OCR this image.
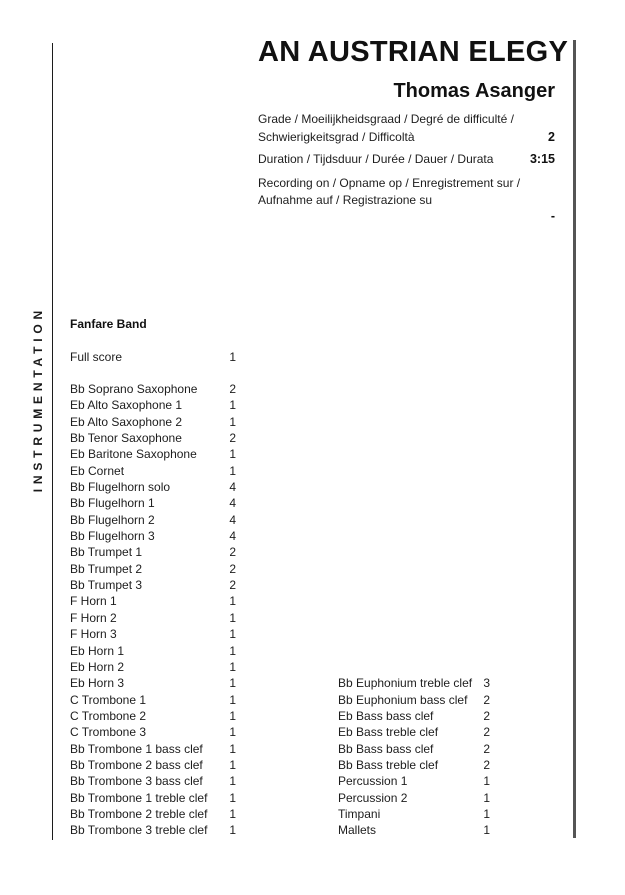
INSTRUMENTATION
AN AUSTRIAN ELEGY
Thomas Asanger
Grade / Moeilijkheidsgraad / Degré de difficulté /
Schwierigkeitsgrad / Difficoltà	2
Duration / Tijdsduur / Durée / Dauer / Durata	3:15
Recording on / Opname op / Enregistrement sur /
Aufnahme auf / Registrazione su
-
Fanfare Band
Full score	1
Bb Soprano Saxophone	2
Eb Alto Saxophone 1	1
Eb Alto Saxophone 2	1
Bb Tenor Saxophone	2
Eb Baritone Saxophone	1
Eb Cornet	1
Bb Flugelhorn solo	4
Bb Flugelhorn 1	4
Bb Flugelhorn 2	4
Bb Flugelhorn 3	4
Bb Trumpet 1	2
Bb Trumpet 2	2
Bb Trumpet 3	2
F Horn 1	1
F Horn 2	1
F Horn 3	1
Eb Horn 1	1
Eb Horn 2	1
Eb Horn 3	1
C Trombone 1	1
C Trombone 2	1
C Trombone 3	1
Bb Trombone 1 bass clef 1
Bb Trombone 2 bass clef 1
Bb Trombone 3 bass clef 1
Bb Trombone 1 treble clef 1
Bb Trombone 2 treble clef 1
Bb Trombone 3 treble clef 1
Bb Euphonium treble clef 3
Bb Euphonium bass clef 2
Eb Bass bass clef	2
Eb Bass treble clef	2
Bb Bass bass clef	2
Bb Bass treble clef	2
Percussion 1	1
Percussion 2	1
Timpani	1
Mallets	1
